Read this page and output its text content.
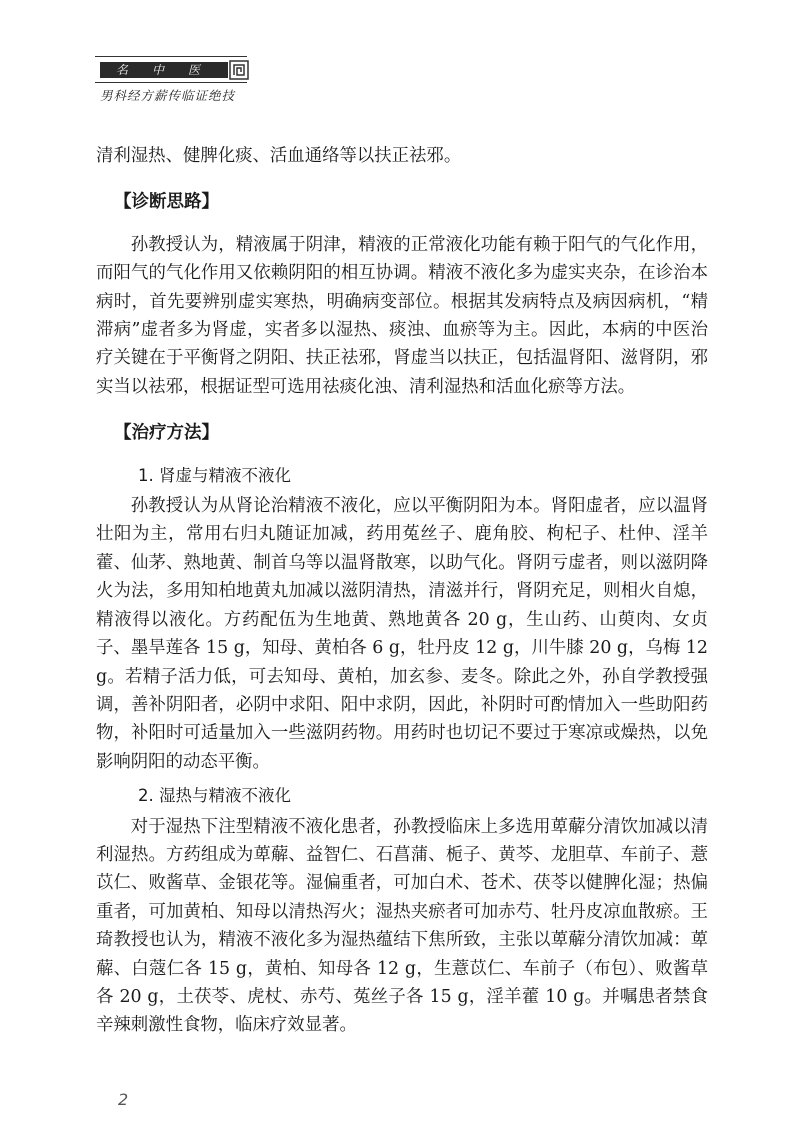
名中医
男科经方薪传临证绝技

清利湿热、健脾化痰、活血通络等以扶正祛邪。

【诊断思路】

孙教授认为，精液属于阴津，精液的正常液化功能有赖于阳气的气化作用，而阳气的气化作用又依赖阴阳的相互协调。精液不液化多为虚实夹杂，在诊治本病时，首先要辨别虚实寒热，明确病变部位。根据其发病特点及病因病机，“精滞病”虚者多为肾虚，实者多以湿热、痰浊、血瘀等为主。因此，本病的中医治疗关键在于平衡肾之阴阳、扶正祛邪，肾虚当以扶正，包括温肾阳、滋肾阴，邪实当以祛邪，根据证型可选用祛痰化浊、清利湿热和活血化瘀等方法。

【治疗方法】
1. 肾虚与精液不液化

孙教授认为从肾论治精液不液化，应以平衡阴阳为本。肾阳虚者，应以温肾壮阳为主，常用右归丸随证加减，药用菟丝子、鹿角胶、枸杞子、杜仲、淫羊藿、仙茅、熟地黄、制首乌等以温肾散寒，以助气化。肾阴亏虚者，则以滋阴降火为法，多用知柏地黄丸加减以滋阴清热，清滋并行，肾阴充足，则相火自熄，精液得以液化。方药配伍为生地黄、熟地黄各 20 g，生山药、山萸肉、女贞子、墨旱莲各 15 g，知母、黄柏各 6 g，牡丹皮 12 g，川牛膝 20 g，乌梅 12 g。若精子活力低，可去知母、黄柏，加玄参、麦冬。除此之外，孙自学教授强调，善补阴阳者，必阴中求阳、阳中求阴，因此，补阴时可酌情加入一些助阳药物，补阳时可适量加入一些滋阴药物。用药时也切记不要过于寒凉或燥热，以免影响阴阳的动态平衡。

2. 湿热与精液不液化

对于湿热下注型精液不液化患者，孙教授临床上多选用萆薢分清饮加减以清利湿热。方药组成为萆薢、益智仁、石菖蒲、栀子、黄芩、龙胆草、车前子、薏苡仁、败酱草、金银花等。湿偏重者，可加白术、苍术、茯苓以健脾化湿；热偏重者，可加黄柏、知母以清热泻火；湿热夹瘀者可加赤芍、牡丹皮凉血散瘀。王琦教授也认为，精液不液化多为湿热蕴结下焦所致，主张以萆薢分清饮加减：萆薢、白蔻仁各 15 g，黄柏、知母各 12 g，生薏苡仁、车前子（布包）、败酱草各 20 g，土茯苓、虎杖、赤芍、菟丝子各 15 g，淫羊藿 10 g。并嘱患者禁食辛辣刺激性食物，临床疗效显著。

2
